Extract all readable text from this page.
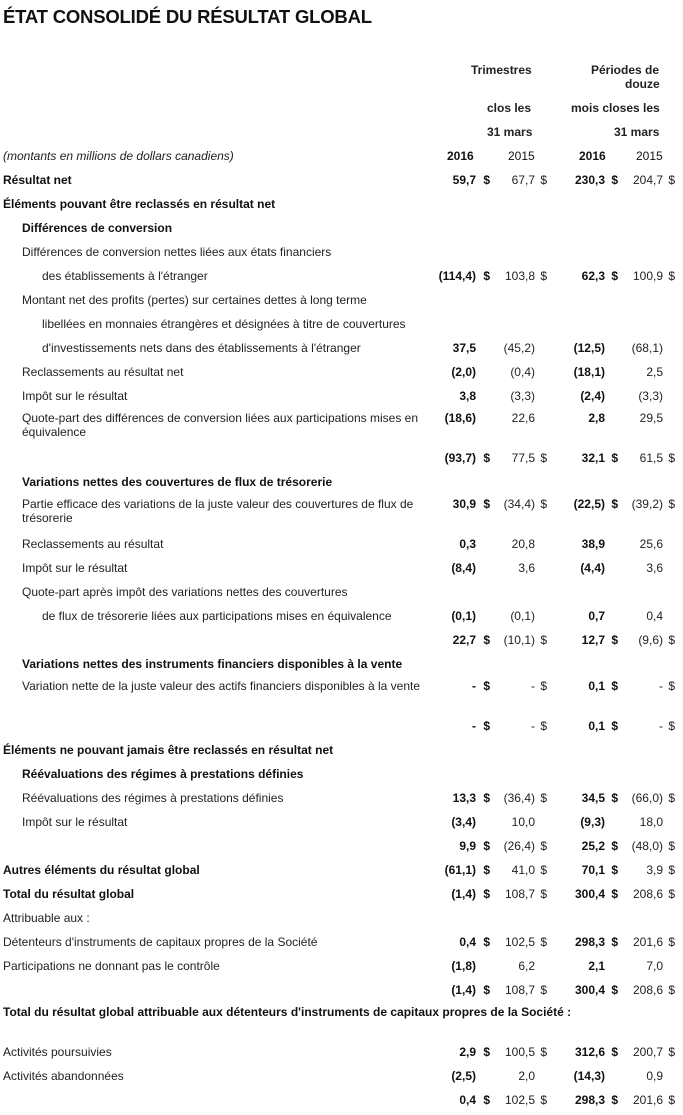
ÉTAT CONSOLIDÉ DU RÉSULTAT GLOBAL
Trimestres	Périodes de
douze
clos les	mois closes les
31 mars	31 mars
(montants en millions de dollars canadiens)	2016	2015	2016	2015
Résultat net	59,7 $ 67,7 $ 230,3 $ 204,7 $
Éléments pouvant être reclassés en résultat net
Différences de conversion
Différences de conversion nettes liées aux états financiers
des établissements à l'étranger	(114,4) $ 103,8 $	62,3 $ 100,9 $
Montant net des profits (pertes) sur certaines dettes à long terme
libellées en monnaies étrangères et désignées à titre de couvertures
d'investissements nets dans des établissements à l'étranger	37,5 (45,2)	(12,5) (68,1)
Reclassements au résultat net	(2,0)	(0,4)	(18,1)	2,5
Impôt sur le résultat	3,8	(3,3)	(2,4)	(3,3)
Quote-part des différences de conversion liées aux participations mises en équivalence
(18,6)	22,6	2,8	29,5
(93,7) $ 77,5 $	32,1 $ 61,5 $
Variations nettes des couvertures de flux de trésorerie
Partie efficace des variations de la juste valeur des couvertures de flux de trésorerie
30,9 $ (34,4) $ (22,5) $ (39,2) $
Reclassements au résultat	0,3	20,8	38,9	25,6
Impôt sur le résultat	(8,4)	3,6	(4,4)	3,6
Quote-part après impôt des variations nettes des couvertures
de flux de trésorerie liées aux participations mises en équivalence	(0,1)	(0,1)	0,7	0,4
22,7 $ (10,1) $	12,7 $ (9,6) $
Variations nettes des instruments financiers disponibles à la vente
Variation nette de la juste valeur des actifs financiers disponibles à la vente	- $	- $	0,1 $	- $
- $	- $	0,1 $	- $
Éléments ne pouvant jamais être reclassés en résultat net
Réévaluations des régimes à prestations définies
Réévaluations des régimes à prestations définies	13,3 $ (36,4) $	34,5 $ (66,0) $
Impôt sur le résultat	(3,4)	10,0	(9,3)	18,0
9,9 $ (26,4) $	25,2 $ (48,0) $
Autres éléments du résultat global	(61,1) $ 41,0 $	70,1 $ 3,9 $
Total du résultat global	(1,4) $ 108,7 $ 300,4 $ 208,6 $
Attribuable aux :
Détenteurs d'instruments de capitaux propres de la Société	0,4 $ 102,5 $ 298,3 $ 201,6 $
Participations ne donnant pas le contrôle	(1,8)	6,2	2,1	7,0
(1,4) $ 108,7 $ 300,4 $ 208,6 $
Total du résultat global attribuable aux détenteurs d'instruments de capitaux propres de la Société :
Activités poursuivies	2,9 $ 100,5 $ 312,6 $ 200,7 $
Activités abandonnées	(2,5)	2,0	(14,3)	0,9
0,4 $ 102,5 $ 298,3 $ 201,6 $
